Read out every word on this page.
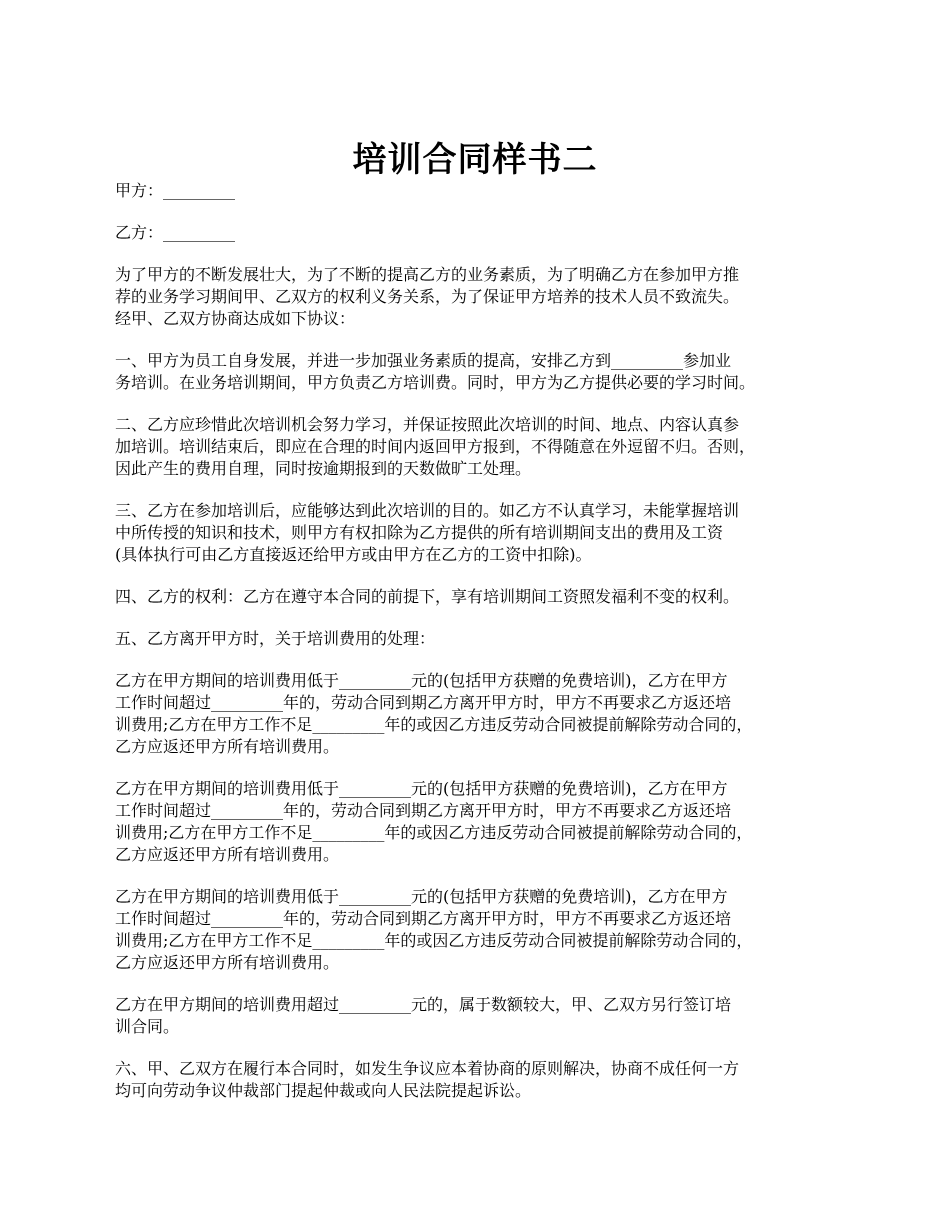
培训合同样书二

甲方：_________

乙方：_________

为了甲方的不断发展壮大，为了不断的提高乙方的业务素质，为了明确乙方在参加甲方推
荐的业务学习期间甲、乙双方的权利义务关系，为了保证甲方培养的技术人员不致流失。
经甲、乙双方协商达成如下协议：

一、甲方为员工自身发展，并进一步加强业务素质的提高，安排乙方到_________参加业
务培训。在业务培训期间，甲方负责乙方培训费。同时，甲方为乙方提供必要的学习时间。

二、乙方应珍惜此次培训机会努力学习，并保证按照此次培训的时间、地点、内容认真参
加培训。培训结束后，即应在合理的时间内返回甲方报到，不得随意在外逗留不归。否则，
因此产生的费用自理，同时按逾期报到的天数做旷工处理。

三、乙方在参加培训后，应能够达到此次培训的目的。如乙方不认真学习，未能掌握培训
中所传授的知识和技术，则甲方有权扣除为乙方提供的所有培训期间支出的费用及工资
(具体执行可由乙方直接返还给甲方或由甲方在乙方的工资中扣除)。

四、乙方的权利：乙方在遵守本合同的前提下，享有培训期间工资照发福利不变的权利。

五、乙方离开甲方时，关于培训费用的处理：

乙方在甲方期间的培训费用低于_________元的(包括甲方获赠的免费培训)，乙方在甲方
工作时间超过_________年的，劳动合同到期乙方离开甲方时，甲方不再要求乙方返还培
训费用;乙方在甲方工作不足_________年的或因乙方违反劳动合同被提前解除劳动合同的，
乙方应返还甲方所有培训费用。

乙方在甲方期间的培训费用低于_________元的(包括甲方获赠的免费培训)，乙方在甲方
工作时间超过_________年的，劳动合同到期乙方离开甲方时，甲方不再要求乙方返还培
训费用;乙方在甲方工作不足_________年的或因乙方违反劳动合同被提前解除劳动合同的，
乙方应返还甲方所有培训费用。

乙方在甲方期间的培训费用低于_________元的(包括甲方获赠的免费培训)，乙方在甲方
工作时间超过_________年的，劳动合同到期乙方离开甲方时，甲方不再要求乙方返还培
训费用;乙方在甲方工作不足_________年的或因乙方违反劳动合同被提前解除劳动合同的，
乙方应返还甲方所有培训费用。

乙方在甲方期间的培训费用超过_________元的，属于数额较大，甲、乙双方另行签订培
训合同。

六、甲、乙双方在履行本合同时，如发生争议应本着协商的原则解决，协商不成任何一方
均可向劳动争议仲裁部门提起仲裁或向人民法院提起诉讼。
